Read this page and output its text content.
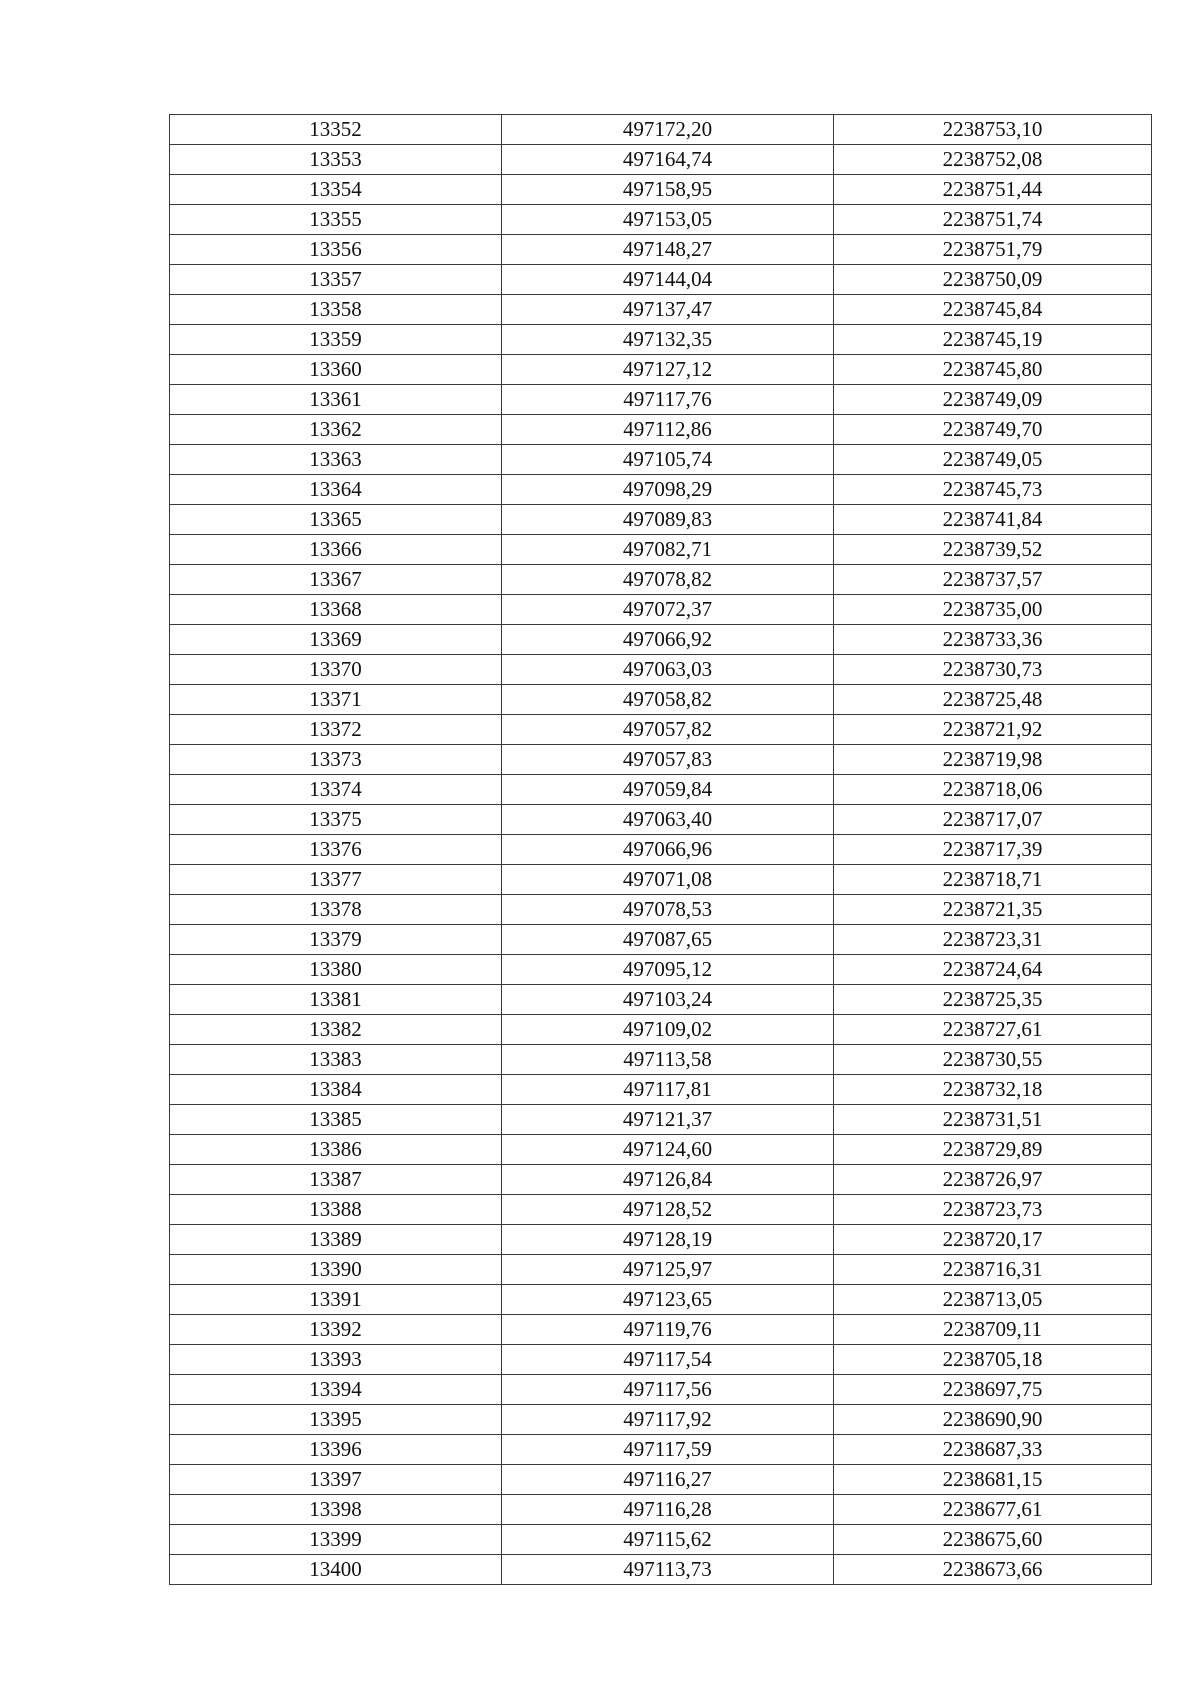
13352	497172,20	2238753,10
13353	497164,74	2238752,08
13354	497158,95	2238751,44
13355	497153,05	2238751,74
13356	497148,27	2238751,79
13357	497144,04	2238750,09
13358	497137,47	2238745,84
13359	497132,35	2238745,19
13360	497127,12	2238745,80
13361	497117,76	2238749,09
13362	497112,86	2238749,70
13363	497105,74	2238749,05
13364	497098,29	2238745,73
13365	497089,83	2238741,84
13366	497082,71	2238739,52
13367	497078,82	2238737,57
13368	497072,37	2238735,00
13369	497066,92	2238733,36
13370	497063,03	2238730,73
13371	497058,82	2238725,48
13372	497057,82	2238721,92
13373	497057,83	2238719,98
13374	497059,84	2238718,06
13375	497063,40	2238717,07
13376	497066,96	2238717,39
13377	497071,08	2238718,71
13378	497078,53	2238721,35
13379	497087,65	2238723,31
13380	497095,12	2238724,64
13381	497103,24	2238725,35
13382	497109,02	2238727,61
13383	497113,58	2238730,55
13384	497117,81	2238732,18
13385	497121,37	2238731,51
13386	497124,60	2238729,89
13387	497126,84	2238726,97
13388	497128,52	2238723,73
13389	497128,19	2238720,17
13390	497125,97	2238716,31
13391	497123,65	2238713,05
13392	497119,76	2238709,11
13393	497117,54	2238705,18
13394	497117,56	2238697,75
13395	497117,92	2238690,90
13396	497117,59	2238687,33
13397	497116,27	2238681,15
13398	497116,28	2238677,61
13399	497115,62	2238675,60
13400	497113,73	2238673,66
